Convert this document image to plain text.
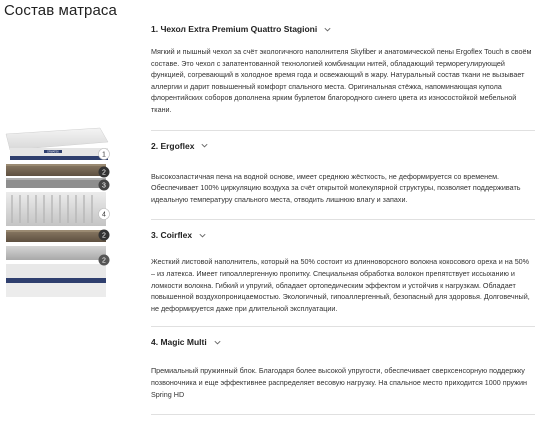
Состав матраса
ORMATEK	1
2
3
4
2
2
1. Чехол Extra Premium Quattro Stagioni

Мягкий и пышный чехол за счёт экологичного наполнителя Skyfiber и анатомической пены Ergoflex Touch в своём составе. Это чехол с запатентованной технологией комбинации нитей, обладающий терморегулирующей функцией, согревающий в холодное время года и освежающий в жару. Натуральный состав ткани не вызывает аллергии и дарит повышенный комфорт спального места. Оригинальная стёжка, напоминающая купола флорентийских соборов дополнена ярким бурлетом благородного синего цвета из износостойкой мебельной ткани.

2. Ergoflex

Высокоэластичная пена на водной основе, имеет среднюю жёсткость, не деформируется со временем. Обеспечивает 100% циркуляцию воздуха за счёт открытой молекулярной структуры, позволяет поддерживать идеальную температуру спального места, отводить лишнюю влагу и запахи.

3. Coirflex

Жесткий листовой наполнитель, который на 50% состоит из длинноворсного волокна кокосового ореха и на 50% – из латекса. Имеет гипоаллергенную пропитку. Специальная обработка волокон препятствует иссыханию и ломкости волокна. Гибкий и упругий, обладает ортопедическим эффектом и устойчив к нагрузкам. Обладает повышенной воздухопроницаемостью. Экологичный, гипоаллергенный, безопасный для здоровья. Долговечный, не деформируется даже при длительной эксплуатации.

4. Magic Multi

Премиальный пружинный блок. Благодаря более высокой упругости, обеспечивает сверхсенсорную поддержку позвоночника и еще эффективнее распределяет весовую нагрузку. На спальное место приходится 1000 пружин Spring HD
